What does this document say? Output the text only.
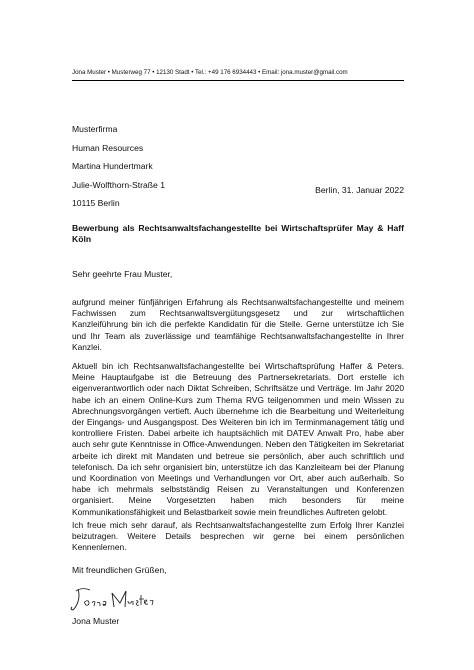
Jona Muster • Musterweg 77 • 12130 Stadt • Tel.: +49 176 6934443 • Email: jona.muster@gmail.com
Musterfirma
Human Resources
Martina Hundertmark
Julie-Wolfthorn-Straße 1
10115 Berlin
Berlin, 31. Januar 2022
Bewerbung als Rechtsanwaltsfachangestellte bei Wirtschaftsprüfer May & Haff Köln
Sehr geehrte Frau Muster,

aufgrund meiner fünfjährigen Erfahrung als Rechtsanwaltsfachangestellte und meinem Fachwissen zum Rechtsanwaltsvergütungsgesetz und zur wirtschaftlichen Kanzleiführung bin ich die perfekte Kandidatin für die Stelle. Gerne unterstütze ich Sie und Ihr Team als zuverlässige und teamfähige Rechtsanwaltsfachangestellte in Ihrer Kanzlei.

Aktuell bin ich Rechtsanwaltsfachangestellte bei Wirtschaftsprüfung Haffer & Peters. Meine Hauptaufgabe ist die Betreuung des Partnersekretariats. Dort erstelle ich eigenverantwortlich oder nach Diktat Schreiben, Schriftsätze und Verträge. Im Jahr 2020 habe ich an einem Online-Kurs zum Thema RVG teilgenommen und mein Wissen zu Abrechnungsvorgängen vertieft. Auch übernehme ich die Bearbeitung und Weiterleitung der Eingangs- und Ausgangspost. Des Weiteren bin ich im Terminmanagement tätig und kontrolliere Fristen. Dabei arbeite ich hauptsächlich mit DATEV Anwalt Pro, habe aber auch sehr gute Kenntnisse in Office-Anwendungen. Neben den Tätigkeiten im Sekretariat arbeite ich direkt mit Mandaten und betreue sie persönlich, aber auch schriftlich und telefonisch. Da ich sehr organisiert bin, unterstütze ich das Kanzleiteam bei der Planung und Koordination von Meetings und Verhandlungen vor Ort, aber auch außerhalb. So habe ich mehrmals selbstständig Reisen zu Veranstaltungen und Konferenzen organisiert. Meine Vorgesetzten haben mich besonders für meine Kommunikationsfähigkeit und Belastbarkeit sowie mein freundliches Auftreten gelobt.

Ich freue mich sehr darauf, als Rechtsanwaltsfachangestellte zum Erfolg Ihrer Kanzlei beizutragen. Weitere Details besprechen wir gerne bei einem persönlichen Kennenlernen.

Mit freundlichen Grüßen,
Jona Muster
